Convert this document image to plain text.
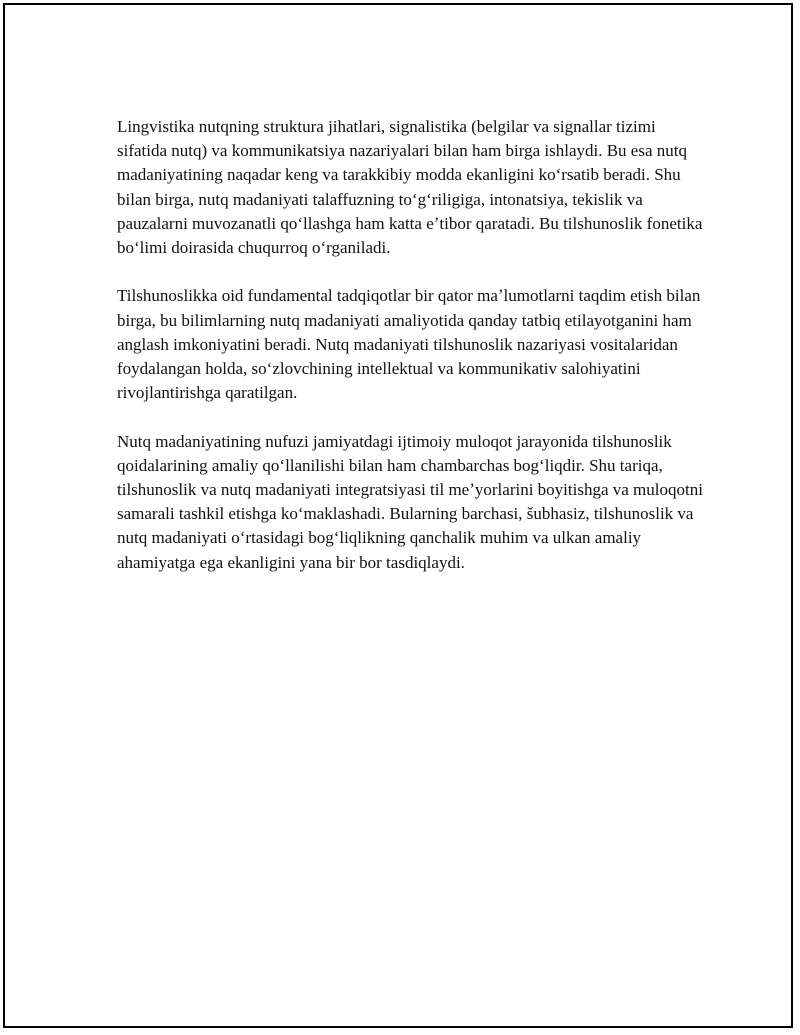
Lingvistika nutqning struktura jihatlari, signalistika (belgilar va signallar tizimi sifatida nutq) va kommunikatsiya nazariyalari bilan ham birga ishlaydi. Bu esa nutq madaniyatining naqadar keng va tarakkibiy modda ekanligini koʻrsatib beradi. Shu bilan birga, nutq madaniyati talaffuzning toʻgʻriligiga, intonatsiya, tekislik va pauzalarni muvozanatli qoʻllashga ham katta eʼtibor qaratadi. Bu tilshunoslik fonetika boʻlimi doirasida chuqurroq oʻrganiladi.

Tilshunoslikka oid fundamental tadqiqotlar bir qator maʼlumotlarni taqdim etish bilan birga, bu bilimlarning nutq madaniyati amaliyotida qanday tatbiq etilayotganini ham anglash imkoniyatini beradi. Nutq madaniyati tilshunoslik nazariyasi vositalaridan foydalangan holda, soʻzlovchining intellektual va kommunikativ salohiyatini rivojlantirishga qaratilgan.

Nutq madaniyatining nufuzi jamiyatdagi ijtimoiy muloqot jarayonida tilshunoslik qoidalarining amaliy qoʻllanilishi bilan ham chambarchas bogʻliqdir. Shu tariqa, tilshunoslik va nutq madaniyati integratsiyasi til meʼyorlarini boyitishga va muloqotni samarali tashkil etishga koʻmaklashadi. Bularning barchasi, šubhasiz, tilshunoslik va nutq madaniyati oʻrtasidagi bogʻliqlikning qanchalik muhim va ulkan amaliy ahamiyatga ega ekanligini yana bir bor tasdiqlaydi.
